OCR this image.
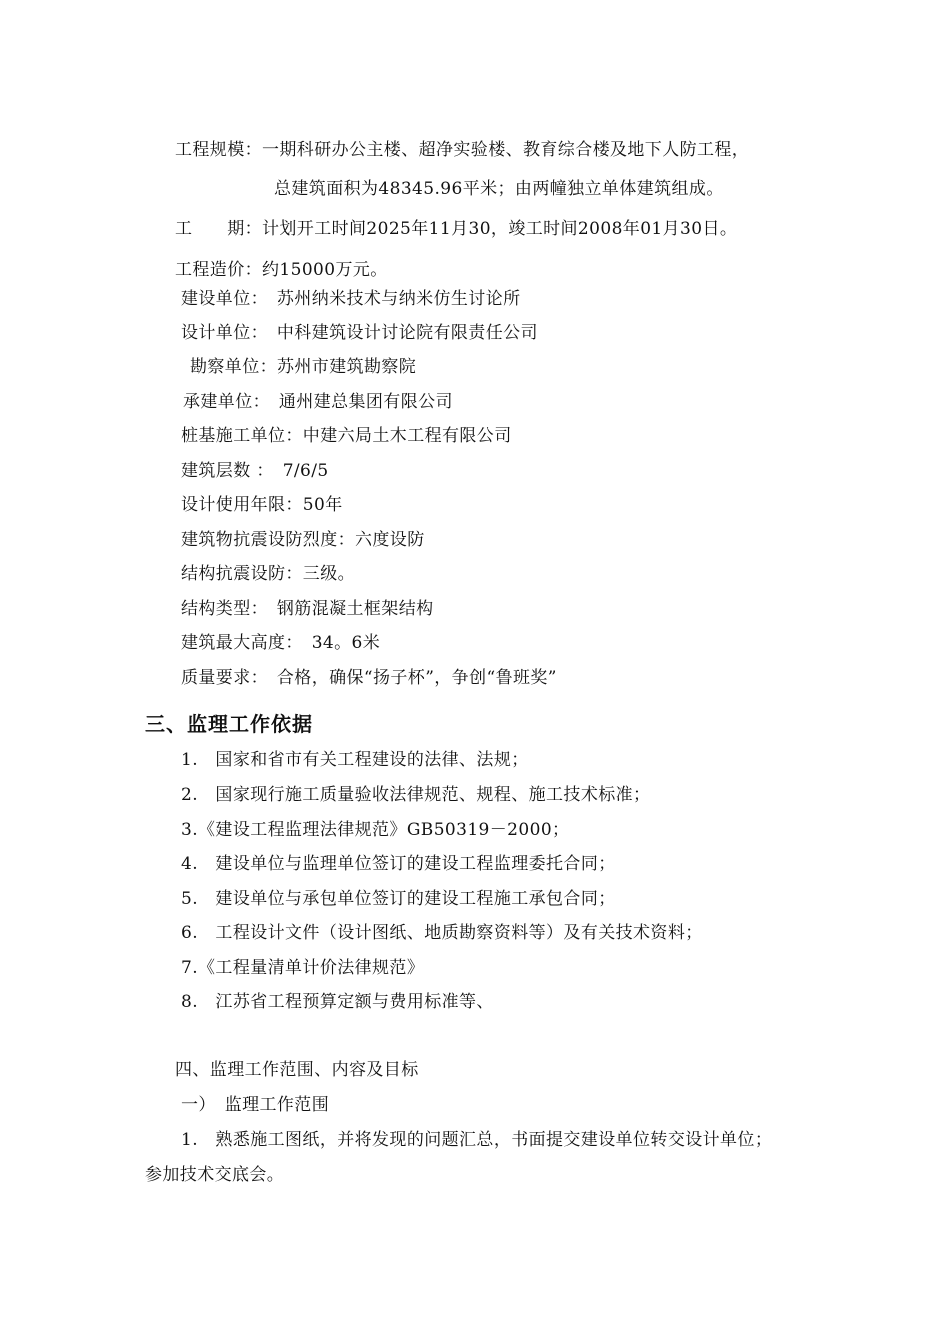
工程规模：一期科研办公主楼、超净实验楼、教育综合楼及地下人防工程，
总建筑面积为48345.96平米；由两幢独立单体建筑组成。
工　　期：计划开工时间2025年11月30，竣工时间2008年01月30日。
工程造价：约15000万元。
建设单位：　苏州纳米技术与纳米仿生讨论所
设计单位：　中科建筑设计讨论院有限责任公司
勘察单位：苏州市建筑勘察院
承建单位：　通州建总集团有限公司
桩基施工单位：中建六局土木工程有限公司
建筑层数 ：　7/6/5
设计使用年限：50年
建筑物抗震设防烈度：六度设防
结构抗震设防：三级。
结构类型：　钢筋混凝土框架结构
建筑最大高度：　34。6米
质量要求：　合格，确保“扬子杯”，争创“鲁班奖”
三、监理工作依据
1.　国家和省市有关工程建设的法律、法规；
2.　国家现行施工质量验收法律规范、规程、施工技术标准；
3.《建设工程监理法律规范》GB50319－2000；
4.　建设单位与监理单位签订的建设工程监理委托合同；
5.　建设单位与承包单位签订的建设工程施工承包合同；
6.　工程设计文件（设计图纸、地质勘察资料等）及有关技术资料；
7.《工程量清单计价法律规范》
8.　江苏省工程预算定额与费用标准等、
四、监理工作范围、内容及目标
一）　监理工作范围
1.　熟悉施工图纸，并将发现的问题汇总，书面提交建设单位转交设计单位；
参加技术交底会。
